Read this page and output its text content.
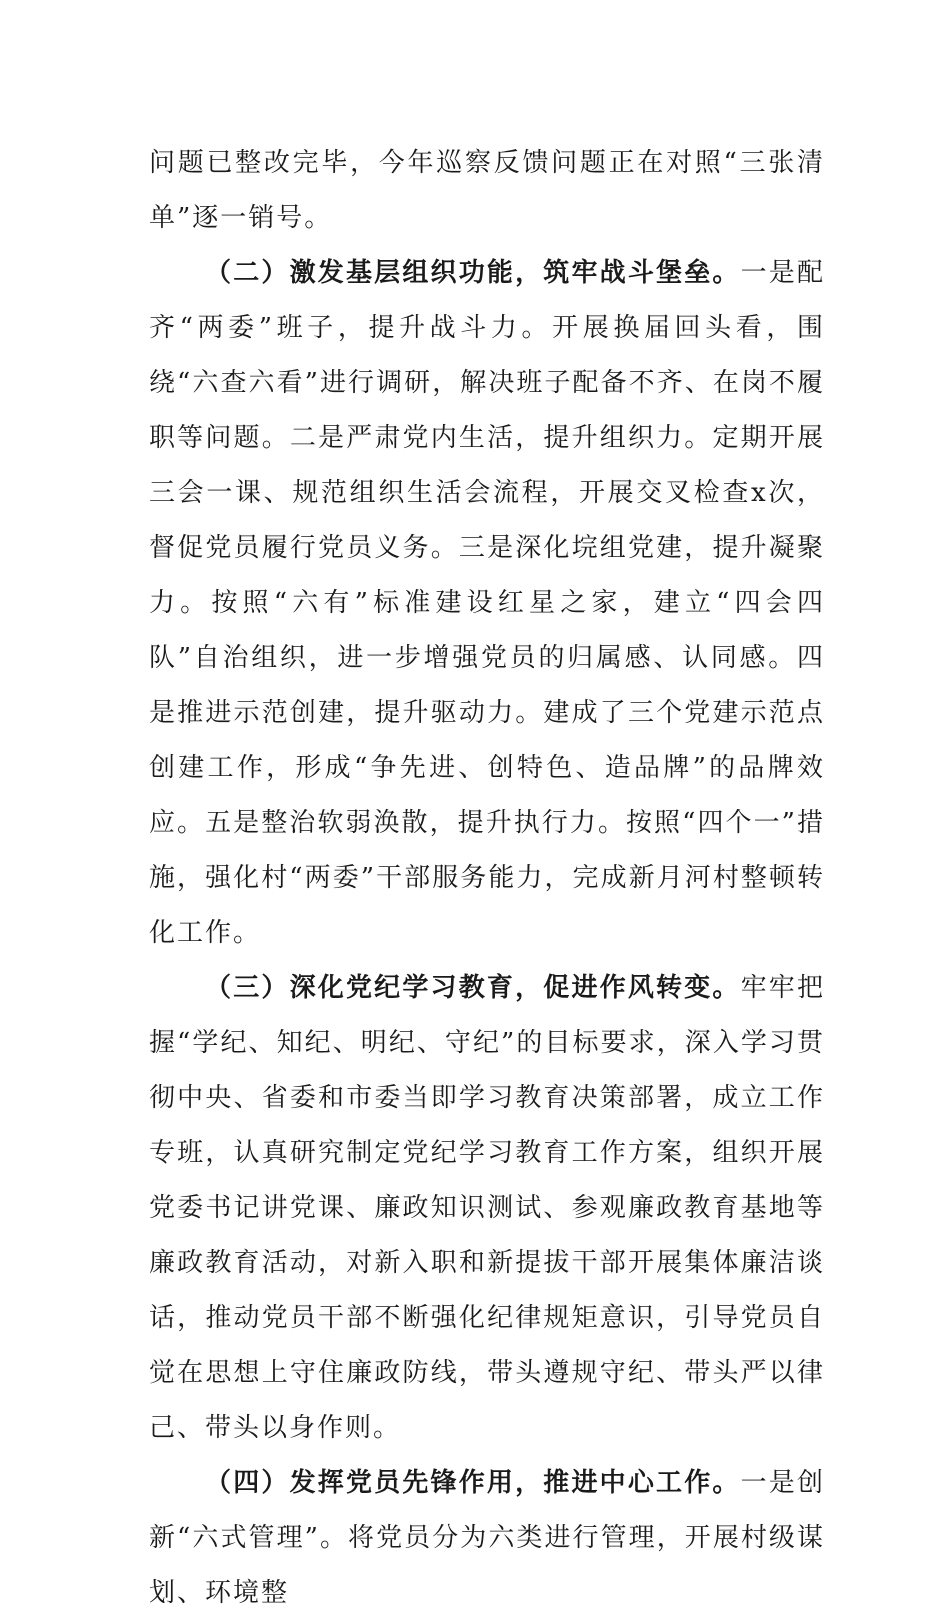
问题已整改完毕，今年巡察反馈问题正在对照“三张清单”逐一销号。

（二）激发基层组织功能，筑牢战斗堡垒。一是配齐“两委”班子，提升战斗力。开展换届回头看，围绕“六查六看”进行调研，解决班子配备不齐、在岗不履职等问题。二是严肃党内生活，提升组织力。定期开展三会一课、规范组织生活会流程，开展交叉检查x次，督促党员履行党员义务。三是深化垸组党建，提升凝聚力。按照“六有”标准建设红星之家，建立“四会四队”自治组织，进一步增强党员的归属感、认同感。四是推进示范创建，提升驱动力。建成了三个党建示范点创建工作，形成“争先进、创特色、造品牌”的品牌效应。五是整治软弱涣散，提升执行力。按照“四个一”措施，强化村“两委”干部服务能力，完成新月河村整顿转化工作。

（三）深化党纪学习教育，促进作风转变。牢牢把握“学纪、知纪、明纪、守纪”的目标要求，深入学习贯彻中央、省委和市委当即学习教育决策部署，成立工作专班，认真研究制定党纪学习教育工作方案，组织开展党委书记讲党课、廉政知识测试、参观廉政教育基地等廉政教育活动，对新入职和新提拔干部开展集体廉洁谈话，推动党员干部不断强化纪律规矩意识，引导党员自觉在思想上守住廉政防线，带头遵规守纪、带头严以律己、带头以身作则。

（四）发挥党员先锋作用，推进中心工作。一是创新“六式管理”。将党员分为六类进行管理，开展村级谋划、环境整
